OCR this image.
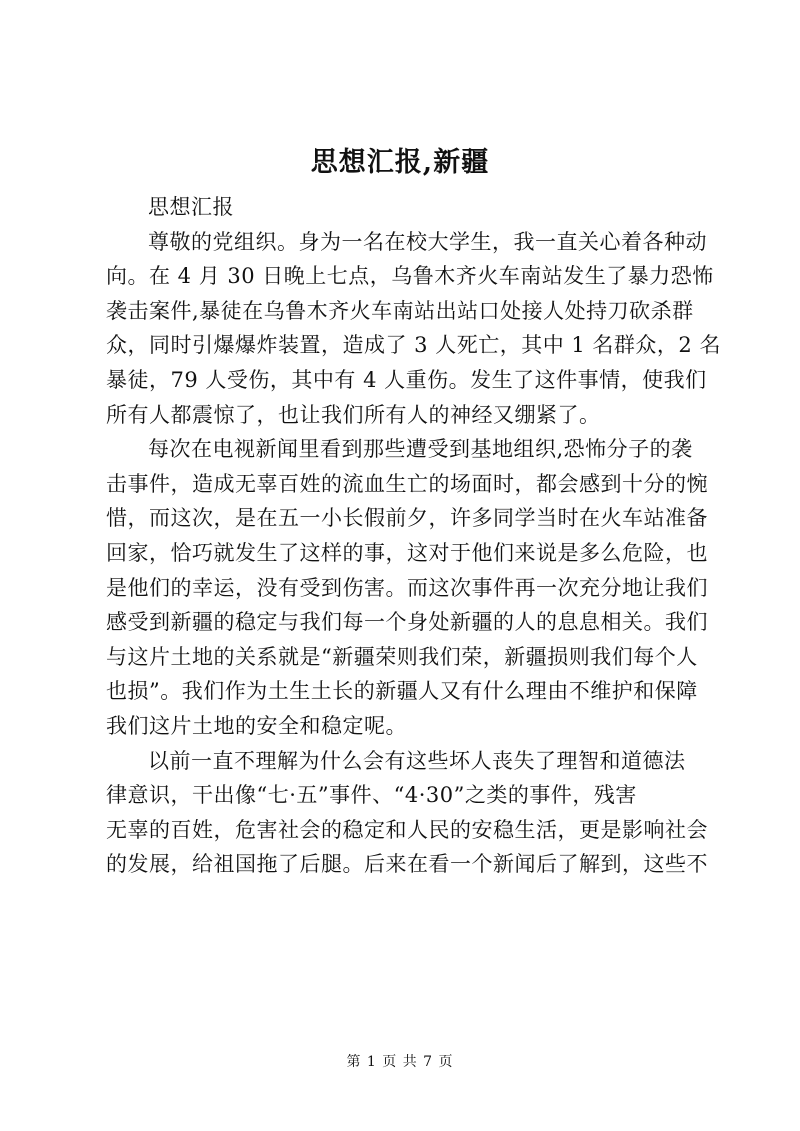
思想汇报,新疆
思想汇报
尊敬的党组织。身为一名在校大学生，我一直关心着各种动
向。在 4 月 30 日晚上七点，乌鲁木齐火车南站发生了暴力恐怖
袭击案件,暴徒在乌鲁木齐火车南站出站口处接人处持刀砍杀群
众，同时引爆爆炸装置，造成了 3 人死亡，其中 1 名群众，2 名
暴徒，79 人受伤，其中有 4 人重伤。发生了这件事情，使我们
所有人都震惊了，也让我们所有人的神经又绷紧了。
每次在电视新闻里看到那些遭受到基地组织,恐怖分子的袭
击事件，造成无辜百姓的流血生亡的场面时，都会感到十分的惋
惜，而这次，是在五一小长假前夕，许多同学当时在火车站准备
回家，恰巧就发生了这样的事，这对于他们来说是多么危险，也
是他们的幸运，没有受到伤害。而这次事件再一次充分地让我们
感受到新疆的稳定与我们每一个身处新疆的人的息息相关。我们
与这片土地的关系就是“新疆荣则我们荣，新疆损则我们每个人
也损”。我们作为土生土长的新疆人又有什么理由不维护和保障
我们这片土地的安全和稳定呢。
以前一直不理解为什么会有这些坏人丧失了理智和道德法
律意识，干出像“七·五”事件、“4·30”之类的事件，残害
无辜的百姓，危害社会的稳定和人民的安稳生活，更是影响社会
的发展，给祖国拖了后腿。后来在看一个新闻后了解到，这些不
第 1 页 共 7 页
